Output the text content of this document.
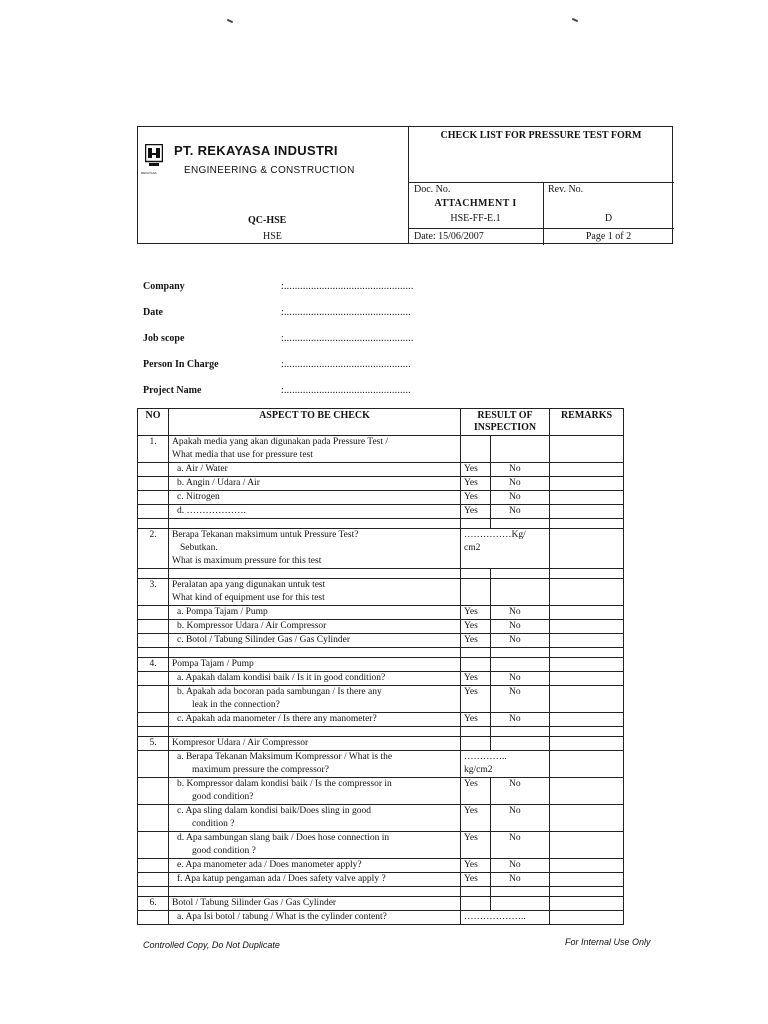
REKAYASA
PT. REKAYASA INDUSTRI
ENGINEERING & CONSTRUCTION
QC-HSE
HSE
CHECK LIST FOR PRESSURE TEST FORM
Doc. No.	Rev. No.
ATTACHMENT I
HSE-FF-E.1	D
Date: 15/06/2007	Page 1 of 2
Company	:................................................
Date	:...............................................
Job scope	:................................................
Person In Charge	:...............................................
Project Name	:...............................................
NO	ASPECT TO BE CHECK	RESULT OF INSPECTION		REMARKS
1.	Apakah media yang akan digunakan pada Pressure Test /
What media that use for pressure test			
	a. Air / Water	Yes	No	
	b. Angin / Udara / Air	Yes	No	
	c. Nitrogen	Yes	No	
	d. ……………….	Yes	No	

2.	Berapa Tekanan maksimum untuk Pressure Test?
Sebutkan.
What is maximum pressure for this test	……………Kg/
cm2		

3.	Peralatan apa yang digunakan untuk test
What kind of equipment use for this test			
	a. Pompa Tajam / Pump	Yes	No	
	b. Kompressor Udara / Air Compressor	Yes	No	
	c. Botol / Tabung Silinder Gas / Gas Cylinder	Yes	No	

4.	Pompa Tajam / Pump			
	a. Apakah dalam kondisi baik / Is it in good condition?	Yes	No	
	b. Apakah ada bocoran pada sambungan / Is there any
leak in the connection?	Yes	No	
	c. Apakah ada manometer / Is there any manometer?	Yes	No	

5.	Kompresor Udara / Air Compressor			
	a. Berapa Tekanan Maksimum Kompressor / What is the
maximum pressure the compressor?	…………..
kg/cm2		
	b. Kompressor dalam kondisi baik / Is the compressor in
good condition?	Yes	No	
	c. Apa sling dalam kondisi baik/Does sling in good
condition ?	Yes	No	
	d. Apa sambungan slang baik / Does hose connection in
good condition ?	Yes	No	
	e. Apa manometer ada / Does manometer apply?	Yes	No	
	f. Apa katup pengaman ada / Does safety valve apply ?	Yes	No	

6.	Botol / Tabung Silinder Gas / Gas Cylinder			
	a. Apa Isi botol / tabung / What is the cylinder content?	………………..		
Controlled Copy, Do Not Duplicate	For Internal Use Only
